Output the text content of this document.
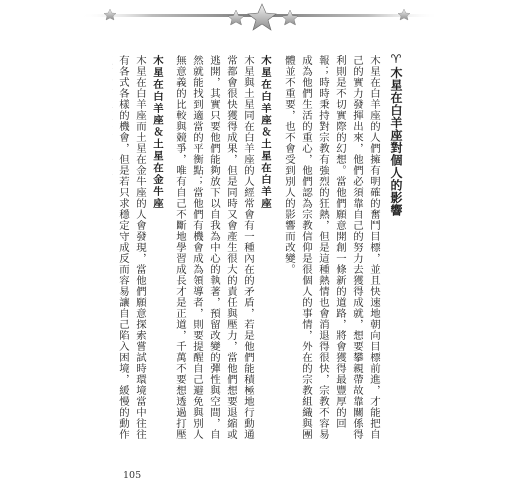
♈木星在白羊座對個人的影響
木星在白羊座的人們擁有明確的奮鬥目標，並且快速地朝向目標前進，才能把自己的實力發揮出來，他們必須靠自己的努力去獲得成就，想要攀親帶故靠關係得利則是不切實際的幻想。當他們願意開創一條新的道路，將會獲得最豐厚的回報；時時秉持對宗教有強烈的狂熱，但是這種熱情也會消退得很快，宗教不容易成為他們生活的重心，他們認為宗教信仰是很個人的事情，外在的宗教組織與團體並不重要，也不會受到別人的影響而改變。
木星在白羊座＆土星在白羊座
木星與土星同在白羊座的人經常會有一種內在的矛盾，若是他們能積極地行動通常都會很快獲得成果，但是同時又會產生很大的責任與壓力，當他們想要退縮或逃開，其實只要他們能夠放下以自我為中心的執著，預留改變的彈性與空間，自然就能找到適當的平衡點；當他們有機會成為領導者，則要提醒自己避免與別人無意義的比較與競爭，唯有自己不斷地學習成長才是正道，千萬不要想透過打壓
木星在白羊座＆土星在金牛座
木星在白羊座而土星在金牛座的人會發現，當他們願意探索嘗試時環境當中往往有各式各樣的機會，但是若只求穩定守成反而容易讓自己陷入困境，緩慢的動作
105
